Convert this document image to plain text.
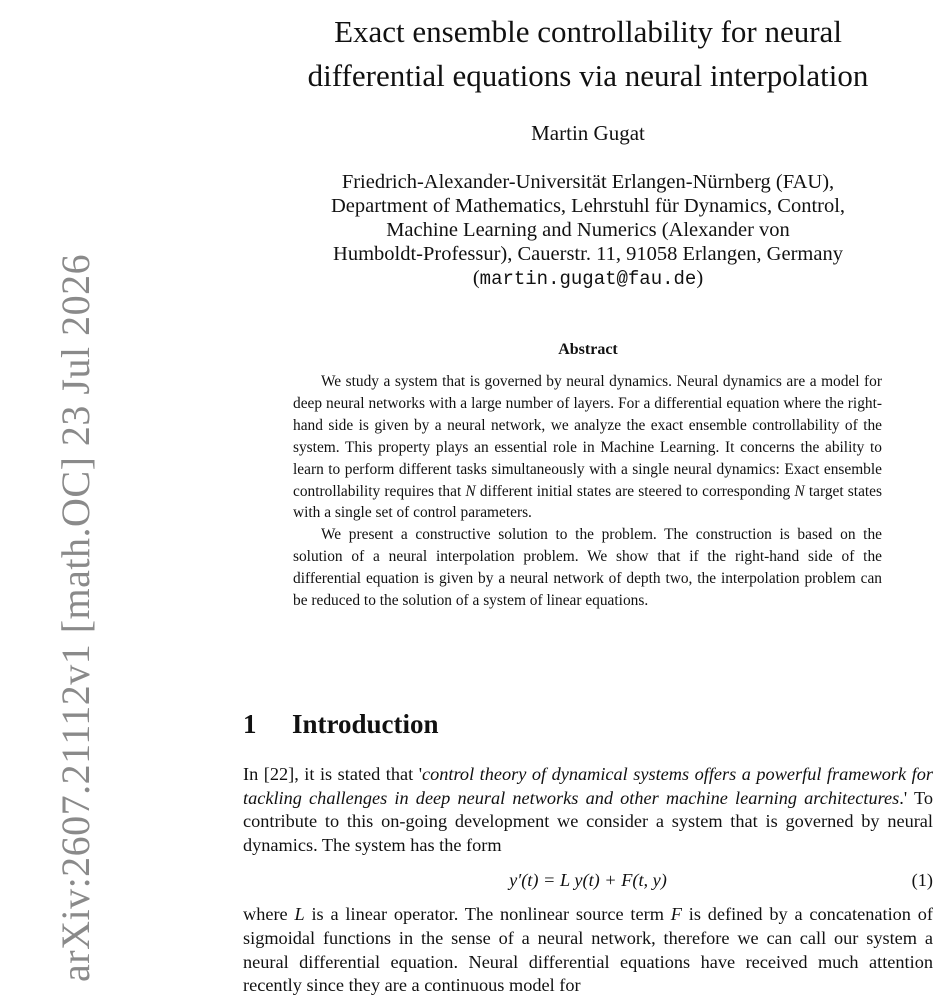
arXiv:2607.21112v1 [math.OC] 23 Jul 2026
Exact ensemble controllability for neural
differential equations via neural interpolation
Martin Gugat
Friedrich-Alexander-Universität Erlangen-Nürnberg (FAU),
Department of Mathematics, Lehrstuhl für Dynamics, Control,
Machine Learning and Numerics (Alexander von
Humboldt-Professur), Cauerstr. 11, 91058 Erlangen, Germany
(martin.gugat@fau.de)
Abstract

We study a system that is governed by neural dynamics. Neural dynamics are a model for deep neural networks with a large number of layers. For a differential equation where the right-hand side is given by a neural network, we analyze the exact ensemble controllability of the system. This property plays an essential role in Machine Learning. It concerns the ability to learn to perform different tasks simultaneously with a single neural dynamics: Exact ensemble controllability requires that N different initial states are steered to corresponding N target states with a single set of control parameters.

We present a constructive solution to the problem. The construction is based on the solution of a neural interpolation problem. We show that if the right-hand side of the differential equation is given by a neural network of depth two, the interpolation problem can be reduced to the solution of a system of linear equations.

1 Introduction

In [22], it is stated that 'control theory of dynamical systems offers a powerful framework for tackling challenges in deep neural networks and other machine learning architectures.' To contribute to this on-going development we consider a system that is governed by neural dynamics. The system has the form

y′(t) = L y(t) + F(t, y)	(1)

where L is a linear operator. The nonlinear source term F is defined by a concatenation of sigmoidal functions in the sense of a neural network, therefore we can call our system a neural differential equation. Neural differential equations have received much attention recently since they are a continuous model for
